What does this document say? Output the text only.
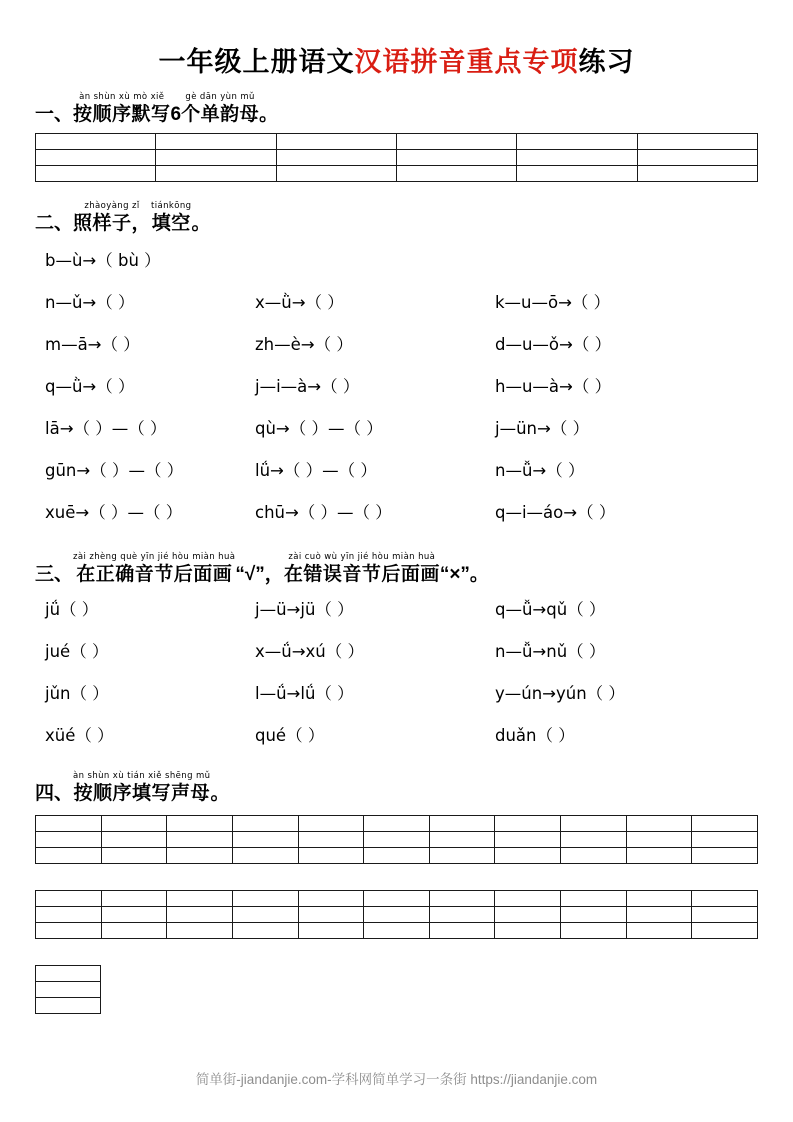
一年级上册语文汉语拼音重点专项练习
一、
àn shùn xù mò xiě
按顺序默写 6
gè dān yùn mǔ
个单韵母 。

二、
zhàoyàng zǐ
照样子，
tiánkōng
填空 。
b—ù→（ bù ）
n—ǔ→（ ）	x—ǜ→（ ）	k—u—ō→（ ）
m—ā→（ ）	zh—è→（ ）	d—u—ǒ→（ ）
q—ǜ→（ ）	j—i—à→（ ）	h—u—à→（ ）
lā→（ ）—（ ）	qù→（ ）—（ ）	j—ün→（ ）
gūn→（ ）—（ ）	lǘ→（ ）—（ ）	n—ǚ→（ ）
xuē→（ ）—（ ）	chū→（ ）—（ ）	q—i—áo→（ ）
三、
zài zhèng què yīn jié hòu miàn huà
在正确音节后面画 “√”，
zài cuò wù yīn jié hòu miàn huà
在错误音节后面画 “×”。
jǘ（ ）	j—ü→jü（ ）	q—ǚ→qǔ（ ）
jué（ ）	x—ǘ→xú（ ）	n—ǚ→nǔ（ ）
jǔn（ ）	l—ǘ→lǘ（ ）	y—ún→yún（ ）
xüé（ ）	qué（ ）	duǎn（ ）
四、
àn shùn xù tián xiě shēng mǔ
按顺序填写声母 。

简单街-jiandanjie.com-学科网简单学习一条街 https://jiandanjie.com
